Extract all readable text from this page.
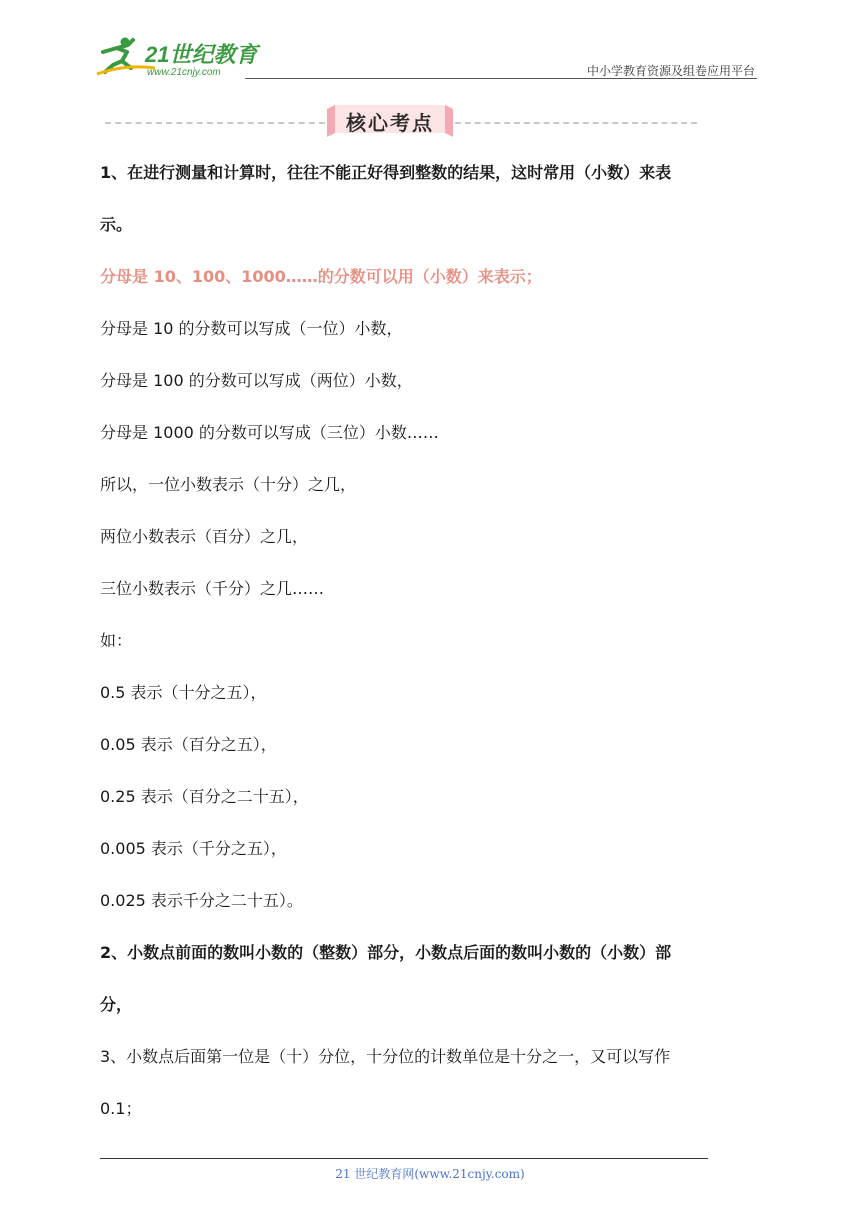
21世纪教育
www.21cnjy.com	中小学教育资源及组卷应用平台
核心考点
1、在进行测量和计算时，往往不能正好得到整数的结果，这时常用（小数）来表
示。
分母是 10、100、1000……的分数可以用（小数）来表示；
分母是 10 的分数可以写成（一位）小数，
分母是 100 的分数可以写成（两位）小数，
分母是 1000 的分数可以写成（三位）小数……
所以，一位小数表示（十分）之几，
两位小数表示（百分）之几，
三位小数表示（千分）之几……
如：
0.5 表示（十分之五），
0.05 表示（百分之五），
0.25 表示（百分之二十五），
0.005 表示（千分之五），
0.025 表示千分之二十五）。
2、小数点前面的数叫小数的（整数）部分，小数点后面的数叫小数的（小数）部
分，
3、小数点后面第一位是（十）分位，十分位的计数单位是十分之一，又可以写作
0.1；
21 世纪教育网(www.21cnjy.com)
